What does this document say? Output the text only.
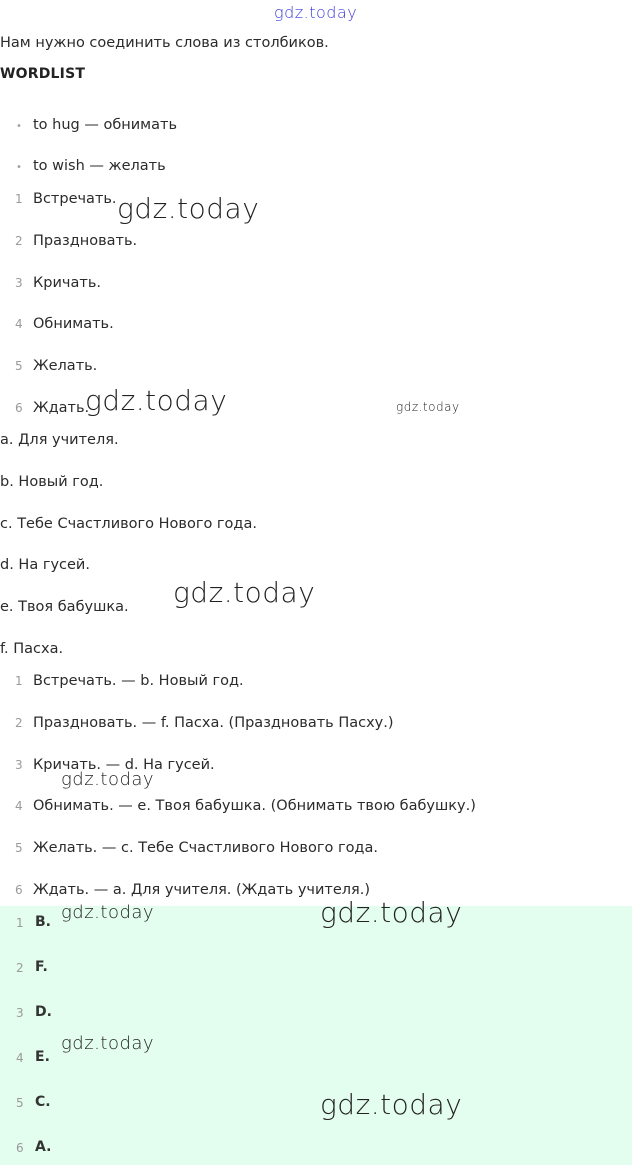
gdz.today
Нам нужно соединить слова из столбиков.
WORDLIST
• to hug — обнимать
• to wish — желать
1 Встречать.
2 Праздновать.
3 Кричать.
4 Обнимать.
5 Желать.
6 Ждать.
a. Для учителя.
b. Новый год.
c. Тебе Счастливого Нового года.
d. На гусей.
e. Твоя бабушка.
f. Пасха.
1 Встречать. — b. Новый год.
2 Праздновать. — f. Пасха. (Праздновать Пасху.)
3 Кричать. — d. На гусей.
4 Обнимать. — e. Твоя бабушка. (Обнимать твою бабушку.)
5 Желать. — c. Тебе Счастливого Нового года.
6 Ждать. — a. Для учителя. (Ждать учителя.)
1 B.
2 F.
3 D.
4 E.
5 C.
6 A.
gdz.today
gdz.today	gdz.today
gdz.today
gdz.today
gdz.today	gdz.today
gdz.today
gdz.today
